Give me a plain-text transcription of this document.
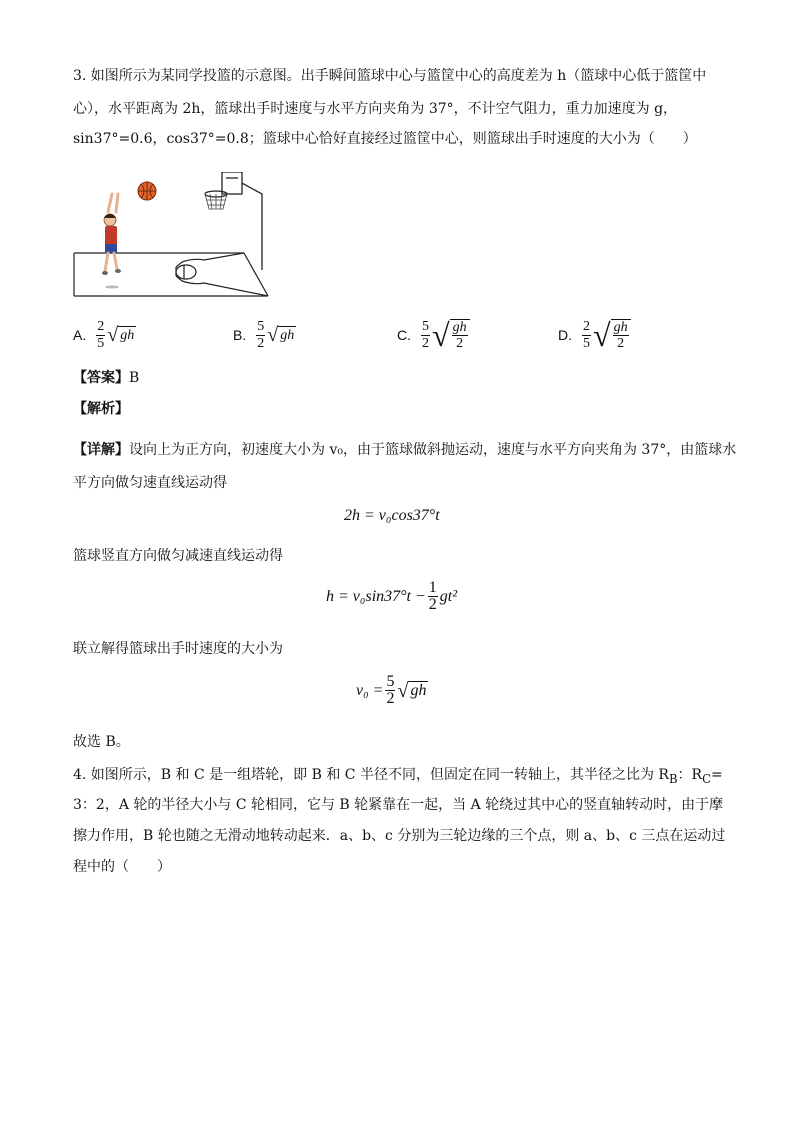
3. 如图所示为某同学投篮的示意图。出手瞬间篮球中心与篮筐中心的高度差为 h（篮球中心低于篮筐中
心），水平距离为 2h，篮球出手时速度与水平方向夹角为 37°，不计空气阻力，重力加速度为 g，
sin37°=0.6，cos37°=0.8；篮球中心恰好直接经过篮筐中心，则篮球出手时速度的大小为（　　）
A. $\frac{2}{5}$ √ gh	B. $\frac{5}{2}$ √ gh	C. $\frac{5}{2}$ √ gh
2
D. $\frac{2}{5}$ √ gh
2
【答案】B
【解析】
【详解】设向上为正方向，初速度大小为 v₀，由于篮球做斜抛运动，速度与水平方向夹角为 37°，由篮球水
平方向做匀速直线运动得
2h = v₀cos37°t
篮球竖直方向做匀减速直线运动得
$h = v_0\sin 37^\circ t - \frac{1}{2} gt^2$
联立解得篮球出手时速度的大小为
$v_0 = \frac{5}{2}$ √ gh
故选 B。
4. 如图所示，B 和 C 是一组塔轮，即 B 和 C 半径不同，但固定在同一转轴上，其半径之比为 $R_B$：$R_C=$
3：2，A 轮的半径大小与 C 轮相同，它与 B 轮紧靠在一起，当 A 轮绕过其中心的竖直轴转动时，由于摩
擦力作用，B 轮也随之无滑动地转动起来．a、b、c 分别为三轮边缘的三个点，则 a、b、c 三点在运动过
程中的（　　）
